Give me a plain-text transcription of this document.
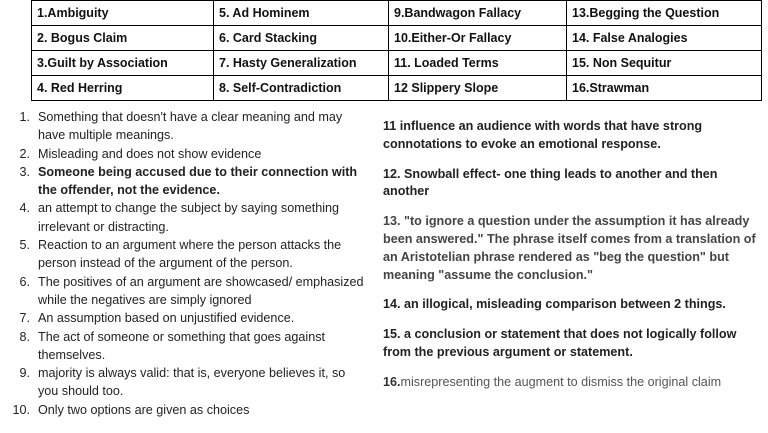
1.Ambiguity	5. Ad Hominem	9.Bandwagon Fallacy	13.Begging the Question
2. Bogus Claim	6. Card Stacking	10.Either-Or Fallacy	14. False Analogies
3.Guilt by Association	7. Hasty Generalization	11. Loaded Terms	15. Non Sequitur
4. Red Herring	8. Self-Contradiction	12 Slippery Slope	16.Strawman
1. Something that doesn't have a clear meaning and may have multiple meanings.
2. Misleading and does not show evidence
3. Someone being accused due to their connection with the offender, not the evidence.
4. an attempt to change the subject by saying something irrelevant or distracting.
5. Reaction to an argument where the person attacks the person instead of the argument of the person.
6. The positives of an argument are showcased/ emphasized while the negatives are simply ignored
7. An assumption based on unjustified evidence.
8. The act of someone or something that goes against themselves.
9. majority is always valid: that is, everyone believes it, so you should too.
10. Only two options are given as choices

11 influence an audience with words that have strong connotations to evoke an emotional response.

12. Snowball effect- one thing leads to another and then another

13. "to ignore a question under the assumption it has already been answered." The phrase itself comes from a translation of an Aristotelian phrase rendered as "beg the question" but meaning "assume the conclusion."

14. an illogical, misleading comparison between 2 things.

15. a conclusion or statement that does not logically follow from the previous argument or statement.

16.misrepresenting the augment to dismiss the original claim
